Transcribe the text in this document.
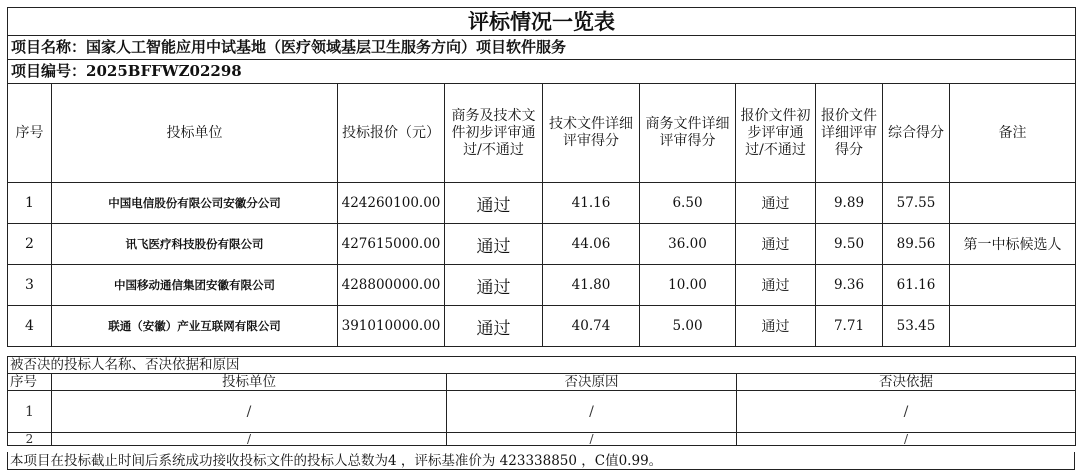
评标情况一览表									
项目名称：国家人工智能应用中试基地（医疗领域基层卫生服务方向）项目软件服务									
项目编号：2025BFFWZ02298									
序号	投标单位	投标报价（元）	商务及技术文件初步评审通过/不通过	技术文件详细评审得分	商务文件详细评审得分	报价文件初步评审通过/不通过	报价文件详细评审得分	综合得分	备注
1	中国电信股份有限公司安徽分公司	424260100.00	通过	41.16	6.50	通过	9.89	57.55	
2	讯飞医疗科技股份有限公司	427615000.00	通过	44.06	36.00	通过	9.50	89.56	第一中标候选人
3	中国移动通信集团安徽有限公司	428800000.00	通过	41.80	10.00	通过	9.36	61.16	
4	联通（安徽）产业互联网有限公司	391010000.00	通过	40.74	5.00	通过	7.71	53.45	
被否决的投标人名称、否决依据和原因			
序号	投标单位	否决原因	否决依据
1	/	/	/
2	/	/	/
本项目在投标截止时间后系统成功接收投标文件的投标人总数为4 ，评标基准价为 423338850 ，C值0.99。
